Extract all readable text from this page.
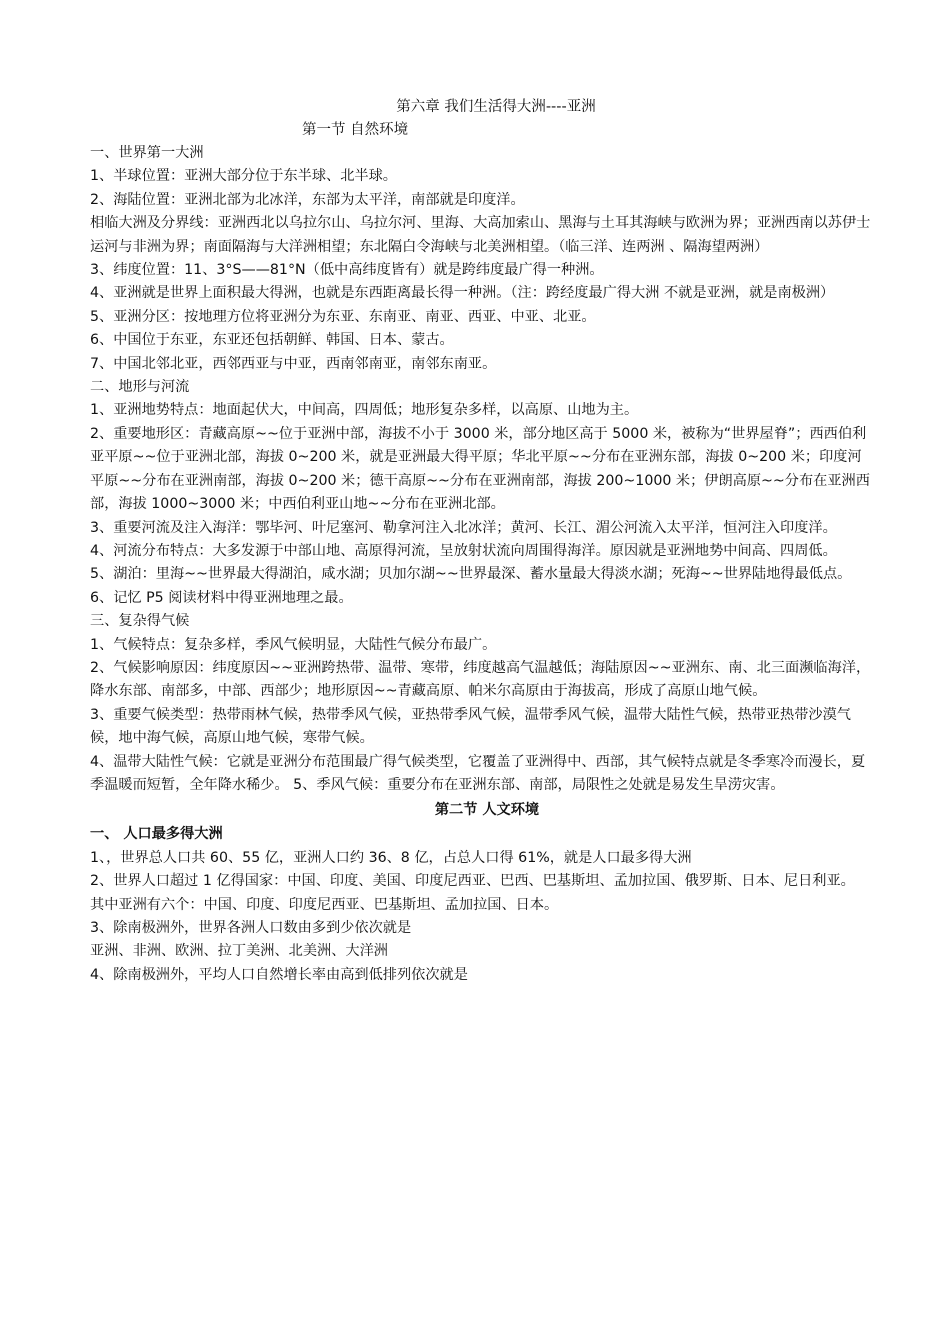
第六章 我们生活得大洲----亚洲

第一节 自然环境

一、世界第一大洲

1、半球位置：亚洲大部分位于东半球、北半球。

2、海陆位置：亚洲北部为北冰洋，东部为太平洋，南部就是印度洋。

相临大洲及分界线：亚洲西北以乌拉尔山、乌拉尔河、里海、大高加索山、黑海与土耳其海峡与欧洲为界；亚洲西南以苏伊士运河与非洲为界；南面隔海与大洋洲相望；东北隔白令海峡与北美洲相望。（临三洋、连两洲 、隔海望两洲）

3、纬度位置：11、3°S——81°N（低中高纬度皆有）就是跨纬度最广得一种洲。

4、亚洲就是世界上面积最大得洲，也就是东西距离最长得一种洲。（注：跨经度最广得大洲 不就是亚洲，就是南极洲）

5、亚洲分区：按地理方位将亚洲分为东亚、东南亚、南亚、西亚、中亚、北亚。

6、中国位于东亚，东亚还包括朝鲜、韩国、日本、蒙古。

7、中国北邻北亚，西邻西亚与中亚，西南邻南亚，南邻东南亚。

二、地形与河流

1、亚洲地势特点：地面起伏大，中间高，四周低；地形复杂多样，以高原、山地为主。

2、重要地形区：青藏高原~~位于亚洲中部，海拔不小于 3000 米，部分地区高于 5000 米，被称为“世界屋脊”；西西伯利亚平原~~位于亚洲北部，海拔 0~200 米，就是亚洲最大得平原；华北平原~~分布在亚洲东部，海拔 0~200 米；印度河平原~~分布在亚洲南部，海拔 0~200 米；德干高原~~分布在亚洲南部，海拔 200~1000 米；伊朗高原~~分布在亚洲西部，海拔 1000~3000 米；中西伯利亚山地~~分布在亚洲北部。

3、重要河流及注入海洋：鄂毕河、叶尼塞河、勒拿河注入北冰洋；黄河、长江、湄公河流入太平洋，恒河注入印度洋。

4、河流分布特点：大多发源于中部山地、高原得河流，呈放射状流向周围得海洋。原因就是亚洲地势中间高、四周低。

5、湖泊：里海~~世界最大得湖泊，咸水湖；贝加尔湖~~世界最深、蓄水量最大得淡水湖；死海~~世界陆地得最低点。

6、记忆 P5 阅读材料中得亚洲地理之最。

三、复杂得气候

1、气候特点：复杂多样，季风气候明显，大陆性气候分布最广。

2、气候影响原因：纬度原因~~亚洲跨热带、温带、寒带，纬度越高气温越低；海陆原因~~亚洲东、南、北三面濒临海洋，降水东部、南部多，中部、西部少；地形原因~~青藏高原、帕米尔高原由于海拔高，形成了高原山地气候。

3、重要气候类型：热带雨林气候，热带季风气候，亚热带季风气候，温带季风气候，温带大陆性气候，热带亚热带沙漠气候，地中海气候，高原山地气候，寒带气候。

4、温带大陆性气候：它就是亚洲分布范围最广得气候类型，它覆盖了亚洲得中、西部，其气候特点就是冬季寒冷而漫长，夏季温暖而短暂，全年降水稀少。 5、季风气候：重要分布在亚洲东部、南部，局限性之处就是易发生旱涝灾害。

第二节 人文环境

一、 人口最多得大洲

1、，世界总人口共 60、55 亿，亚洲人口约 36、8 亿，占总人口得 61%，就是人口最多得大洲

2、世界人口超过 1 亿得国家：中国、印度、美国、印度尼西亚、巴西、巴基斯坦、孟加拉国、俄罗斯、日本、尼日利亚。 其中亚洲有六个：中国、印度、印度尼西亚、巴基斯坦、孟加拉国、日本。

3、除南极洲外，世界各洲人口数由多到少依次就是

亚洲、非洲、欧洲、拉丁美洲、北美洲、大洋洲

4、除南极洲外，平均人口自然增长率由高到低排列依次就是
